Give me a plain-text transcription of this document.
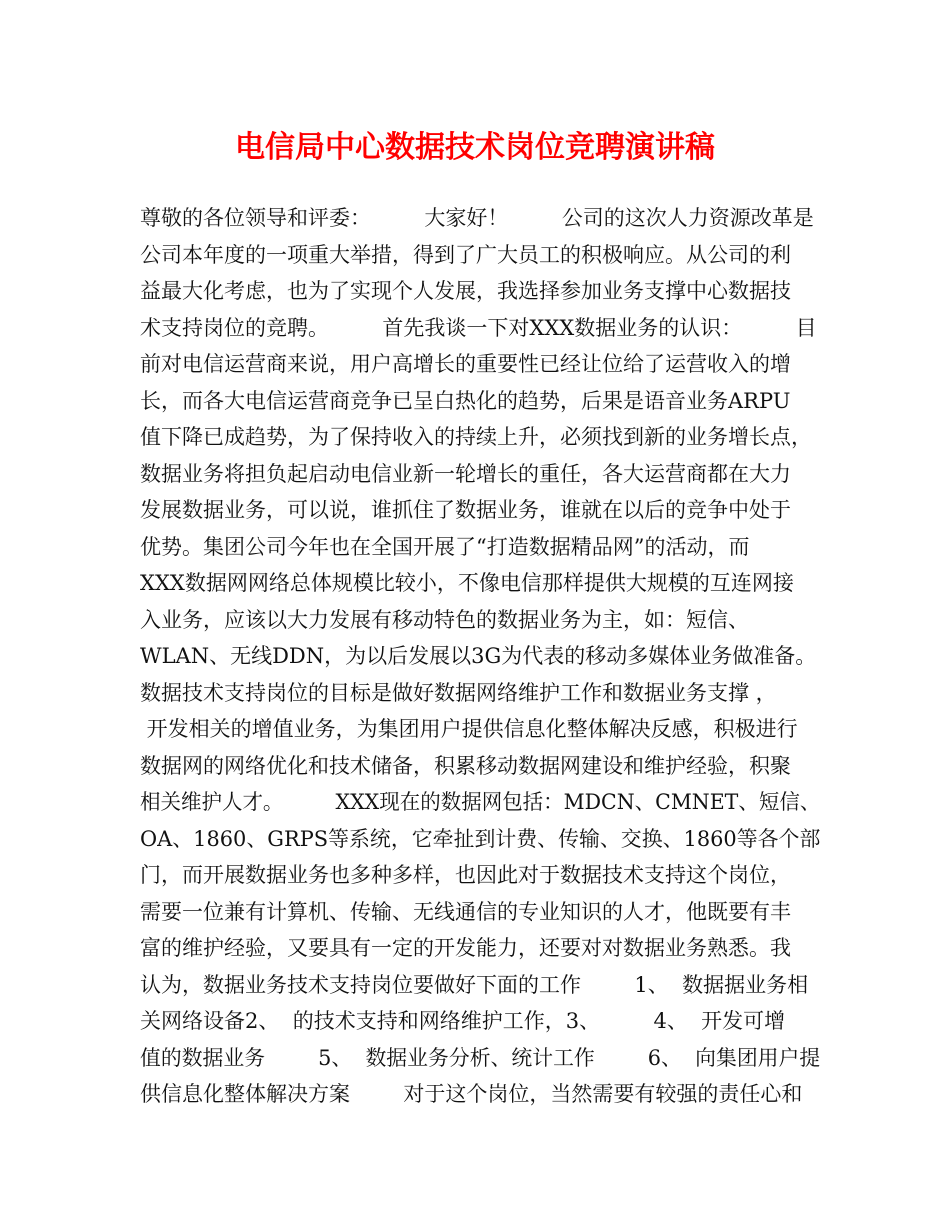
电信局中心数据技术岗位竞聘演讲稿
尊敬的各位领导和评委：        大家好！        公司的这次人力资源改革是
公司本年度的一项重大举措，得到了广大员工的积极响应。从公司的利
益最大化考虑，也为了实现个人发展，我选择参加业务支撑中心数据技
术支持岗位的竞聘。        首先我谈一下对XXX数据业务的认识：        目
前对电信运营商来说，用户高增长的重要性已经让位给了运营收入的增
长，而各大电信运营商竞争已呈白热化的趋势，后果是语音业务ARPU
值下降已成趋势，为了保持收入的持续上升，必须找到新的业务增长点，
数据业务将担负起启动电信业新一轮增长的重任，各大运营商都在大力
发展数据业务，可以说，谁抓住了数据业务，谁就在以后的竞争中处于
优势。集团公司今年也在全国开展了“打造数据精品网”的活动，而
XXX数据网网络总体规模比较小，不像电信那样提供大规模的互连网接
入业务，应该以大力发展有移动特色的数据业务为主，如：短信、
WLAN、无线DDN，为以后发展以3G为代表的移动多媒体业务做准备。
数据技术支持岗位的目标是做好数据网络维护工作和数据业务支撑 ，
开发相关的增值业务，为集团用户提供信息化整体解决反感，积极进行
数据网的网络优化和技术储备，积累移动数据网建设和维护经验，积聚
相关维护人才。        XXX现在的数据网包括：MDCN、CMNET、短信、
OA、1860、GRPS等系统，它牵扯到计费、传输、交换、1860等各个部
门，而开展数据业务也多种多样，也因此对于数据技术支持这个岗位，
需要一位兼有计算机、传输、无线通信的专业知识的人才，他既要有丰
富的维护经验，又要具有一定的开发能力，还要对对数据业务熟悉。我
认为，数据业务技术支持岗位要做好下面的工作        1、  数据据业务相
关网络设备2、  的技术支持和网络维护工作，3、        4、  开发可增
值的数据业务        5、  数据业务分析、统计工作        6、  向集团用户提
供信息化整体解决方案        对于这个岗位，当然需要有较强的责任心和
